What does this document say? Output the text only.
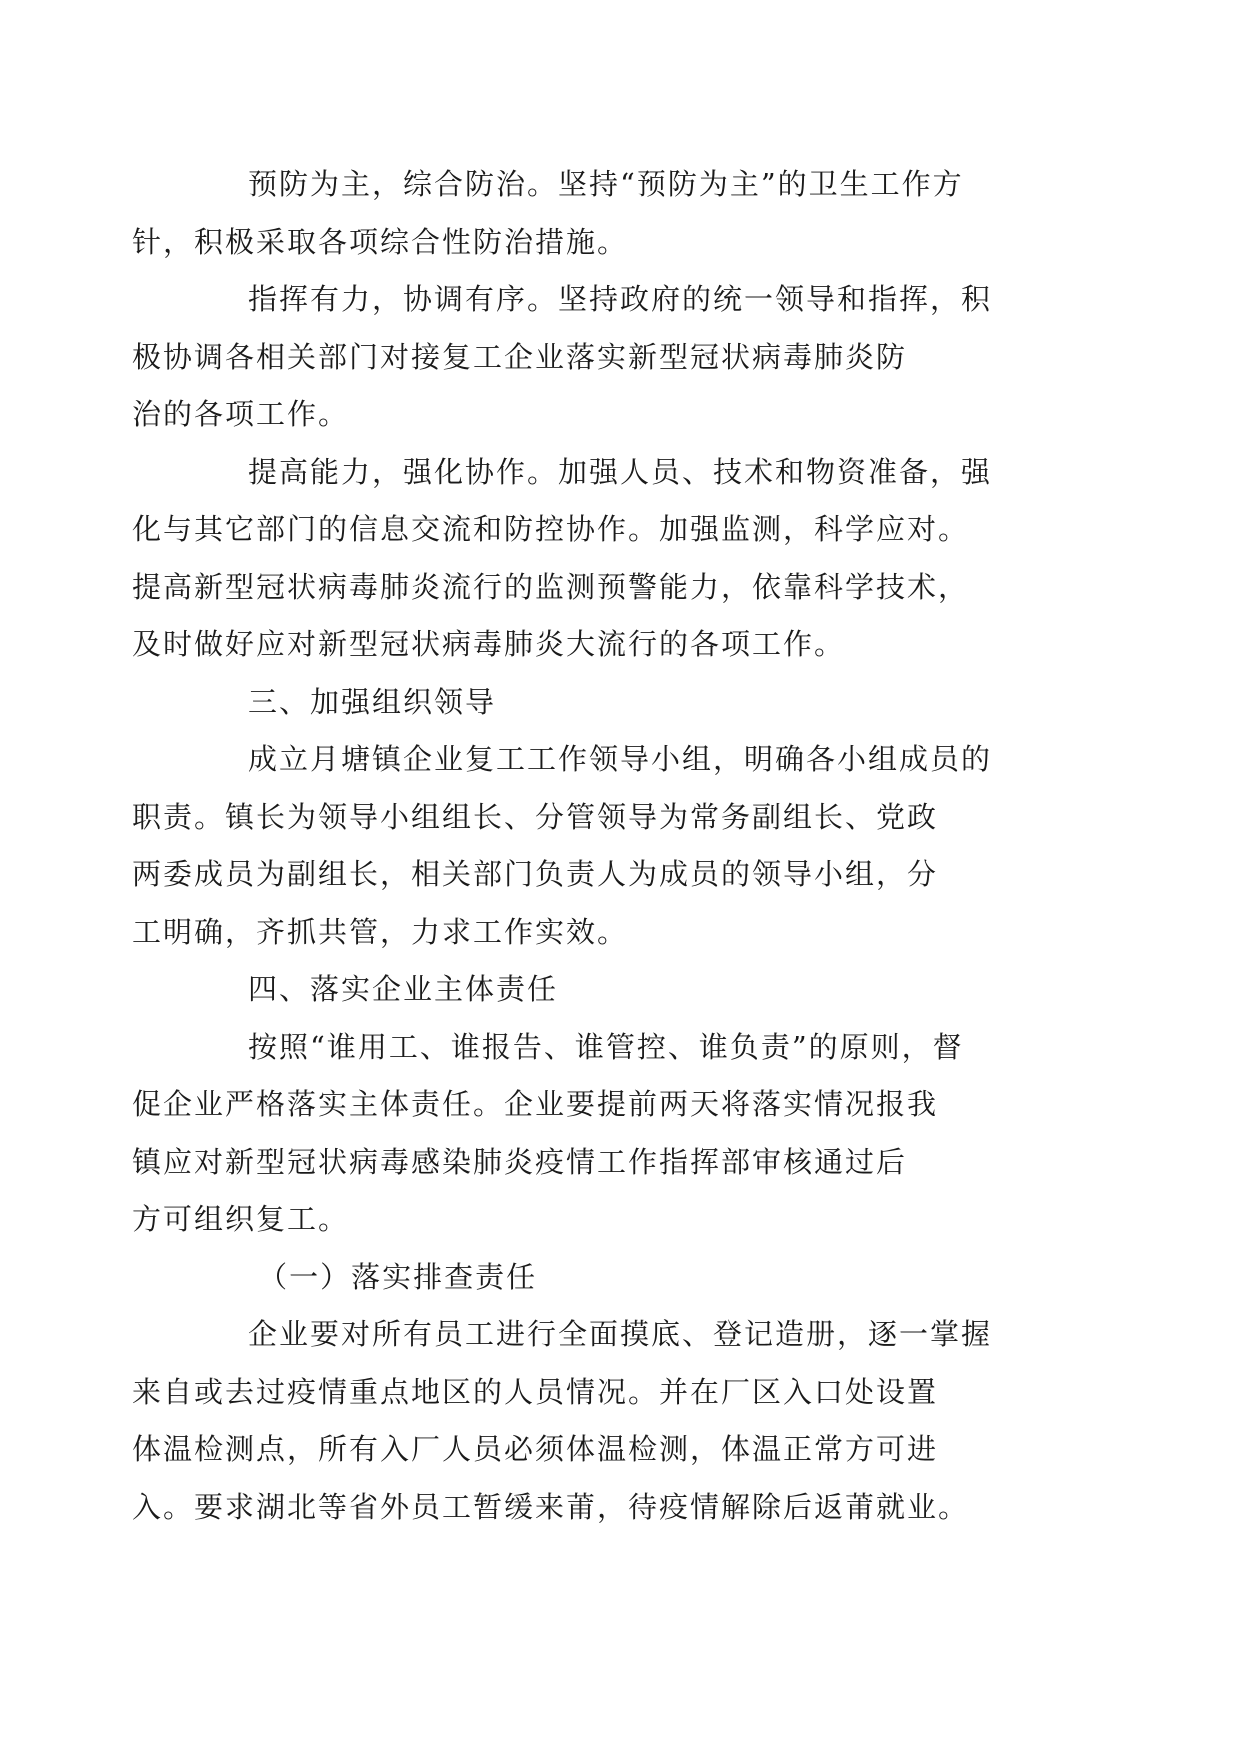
预防为主，综合防治。坚持“预防为主”的卫生工作方
针，积极采取各项综合性防治措施。

指挥有力，协调有序。坚持政府的统一领导和指挥，积
极协调各相关部门对接复工企业落实新型冠状病毒肺炎防
治的各项工作。

提高能力，强化协作。加强人员、技术和物资准备，强
化与其它部门的信息交流和防控协作。加强监测，科学应对。
提高新型冠状病毒肺炎流行的监测预警能力，依靠科学技术，
及时做好应对新型冠状病毒肺炎大流行的各项工作。

三、加强组织领导

成立月塘镇企业复工工作领导小组，明确各小组成员的
职责。镇长为领导小组组长、分管领导为常务副组长、党政
两委成员为副组长，相关部门负责人为成员的领导小组，分
工明确，齐抓共管，力求工作实效。

四、落实企业主体责任

按照“谁用工、谁报告、谁管控、谁负责”的原则，督
促企业严格落实主体责任。企业要提前两天将落实情况报我
镇应对新型冠状病毒感染肺炎疫情工作指挥部审核通过后
方可组织复工。

（一）落实排查责任

企业要对所有员工进行全面摸底、登记造册，逐一掌握
来自或去过疫情重点地区的人员情况。并在厂区入口处设置
体温检测点，所有入厂人员必须体温检测，体温正常方可进
入。要求湖北等省外员工暂缓来莆，待疫情解除后返莆就业。
